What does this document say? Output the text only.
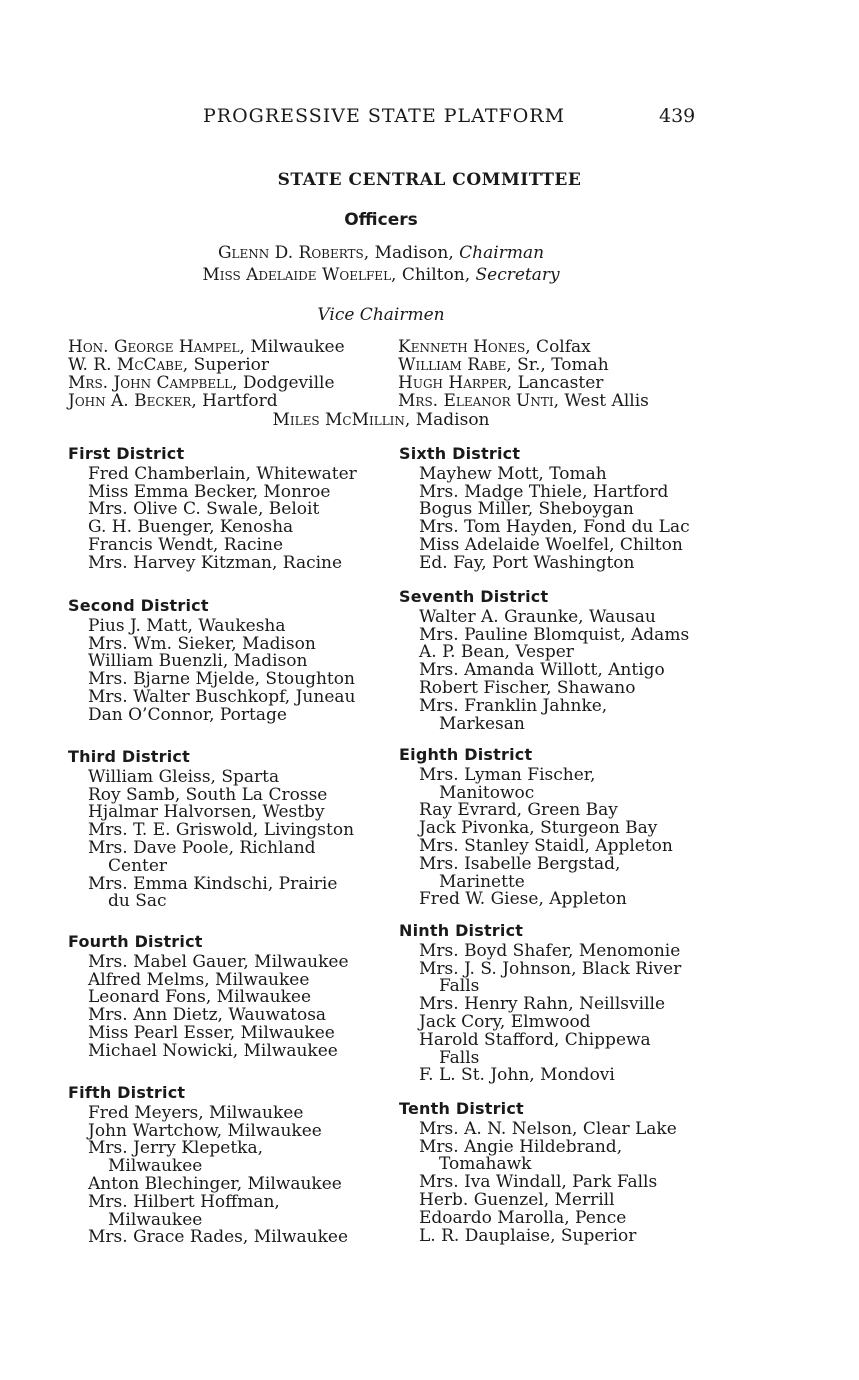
PROGRESSIVE STATE PLATFORM	439
STATE CENTRAL COMMITTEE
Officers
Glenn D. Roberts, Madison, Chairman
Miss Adelaide Woelfel, Chilton, Secretary
Vice Chairmen
Hon. George Hampel, Milwaukee
W. R. McCabe, Superior
Mrs. John Campbell, Dodgeville
John A. Becker, Hartford
Kenneth Hones, Colfax
William Rabe, Sr., Tomah
Hugh Harper, Lancaster
Mrs. Eleanor Unti, West Allis
Miles McMillin, Madison
First District
Fred Chamberlain, Whitewater
Miss Emma Becker, Monroe
Mrs. Olive C. Swale, Beloit
G. H. Buenger, Kenosha
Francis Wendt, Racine
Mrs. Harvey Kitzman, Racine
Second District
Pius J. Matt, Waukesha
Mrs. Wm. Sieker, Madison
William Buenzli, Madison
Mrs. Bjarne Mjelde, Stoughton
Mrs. Walter Buschkopf, Juneau
Dan O’Connor, Portage
Third District
William Gleiss, Sparta
Roy Samb, South La Crosse
Hjalmar Halvorsen, Westby
Mrs. T. E. Griswold, Livingston
Mrs. Dave Poole, Richland
Center
Mrs. Emma Kindschi, Prairie
du Sac
Fourth District
Mrs. Mabel Gauer, Milwaukee
Alfred Melms, Milwaukee
Leonard Fons, Milwaukee
Mrs. Ann Dietz, Wauwatosa
Miss Pearl Esser, Milwaukee
Michael Nowicki, Milwaukee
Fifth District
Fred Meyers, Milwaukee
John Wartchow, Milwaukee
Mrs. Jerry Klepetka,
Milwaukee
Anton Blechinger, Milwaukee
Mrs. Hilbert Hoffman,
Milwaukee
Mrs. Grace Rades, Milwaukee
Sixth District
Mayhew Mott, Tomah
Mrs. Madge Thiele, Hartford
Bogus Miller, Sheboygan
Mrs. Tom Hayden, Fond du Lac
Miss Adelaide Woelfel, Chilton
Ed. Fay, Port Washington
Seventh District
Walter A. Graunke, Wausau
Mrs. Pauline Blomquist, Adams
A. P. Bean, Vesper
Mrs. Amanda Willott, Antigo
Robert Fischer, Shawano
Mrs. Franklin Jahnke,
Markesan
Eighth District
Mrs. Lyman Fischer,
Manitowoc
Ray Evrard, Green Bay
Jack Pivonka, Sturgeon Bay
Mrs. Stanley Staidl, Appleton
Mrs. Isabelle Bergstad,
Marinette
Fred W. Giese, Appleton
Ninth District
Mrs. Boyd Shafer, Menomonie
Mrs. J. S. Johnson, Black River
Falls
Mrs. Henry Rahn, Neillsville
Jack Cory, Elmwood
Harold Stafford, Chippewa
Falls
F. L. St. John, Mondovi
Tenth District
Mrs. A. N. Nelson, Clear Lake
Mrs. Angie Hildebrand,
Tomahawk
Mrs. Iva Windall, Park Falls
Herb. Guenzel, Merrill
Edoardo Marolla, Pence
L. R. Dauplaise, Superior
